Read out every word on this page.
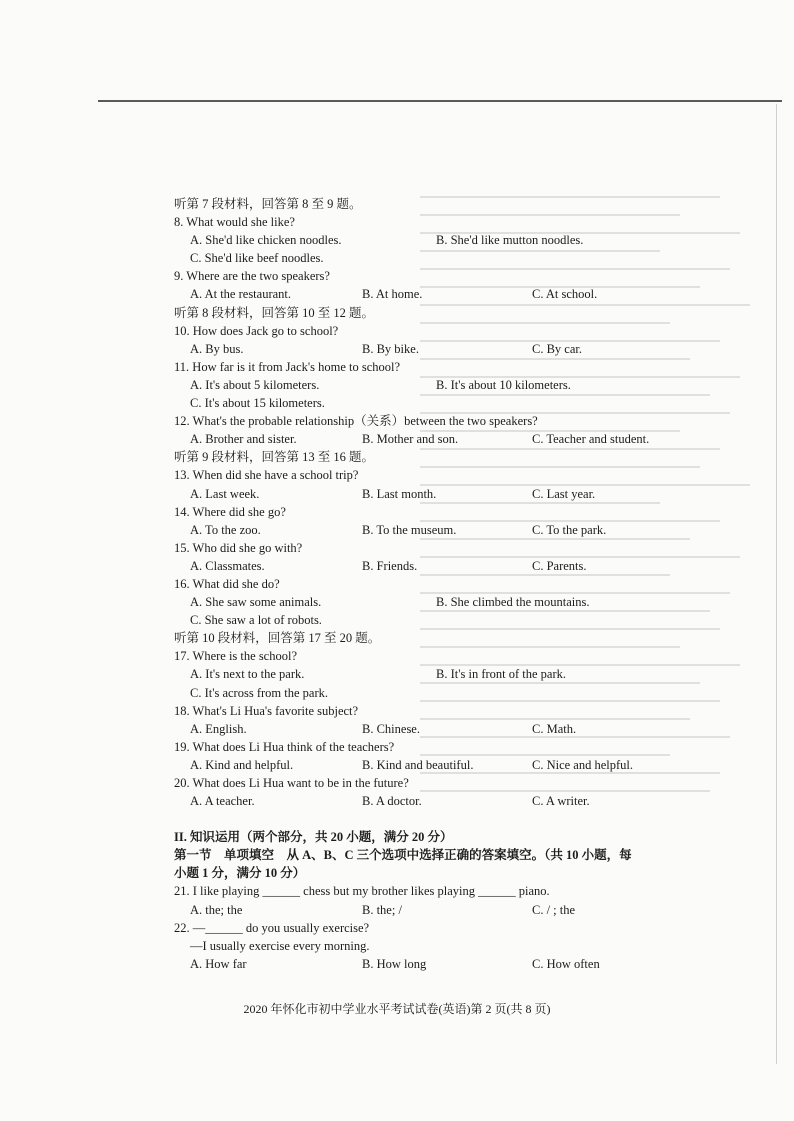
听第 7 段材料，回答第 8 至 9 题。
8. What would she like?
A. She'd like chicken noodles.	B. She'd like mutton noodles.
C. She'd like beef noodles.
9. Where are the two speakers?
A. At the restaurant.	B. At home.	C. At school.
听第 8 段材料，回答第 10 至 12 题。
10. How does Jack go to school?
A. By bus.	B. By bike.	C. By car.
11. How far is it from Jack's home to school?
A. It's about 5 kilometers.	B. It's about 10 kilometers.
C. It's about 15 kilometers.
12. What's the probable relationship（关系）between the two speakers?
A. Brother and sister.	B. Mother and son.	C. Teacher and student.
听第 9 段材料，回答第 13 至 16 题。
13. When did she have a school trip?
A. Last week.	B. Last month.	C. Last year.
14. Where did she go?
A. To the zoo.	B. To the museum.	C. To the park.
15. Who did she go with?
A. Classmates.	B. Friends.	C. Parents.
16. What did she do?
A. She saw some animals.	B. She climbed the mountains.
C. She saw a lot of robots.
听第 10 段材料，回答第 17 至 20 题。
17. Where is the school?
A. It's next to the park.	B. It's in front of the park.
C. It's across from the park.
18. What's Li Hua's favorite subject?
A. English.	B. Chinese.	C. Math.
19. What does Li Hua think of the teachers?
A. Kind and helpful.	B. Kind and beautiful.	C. Nice and helpful.
20. What does Li Hua want to be in the future?
A. A teacher.	B. A doctor.	C. A writer.
II. 知识运用（两个部分，共 20 小题，满分 20 分）
第一节　单项填空　从 A、B、C 三个选项中选择正确的答案填空。（共 10 小题，每
小题 1 分，满分 10 分）
21. I like playing ______ chess but my brother likes playing ______ piano.
A. the; the	B. the; /	C. / ; the
22. —______ do you usually exercise?
—I usually exercise every morning.
A. How far	B. How long	C. How often
2020 年怀化市初中学业水平考试试卷(英语)第 2 页(共 8 页)
